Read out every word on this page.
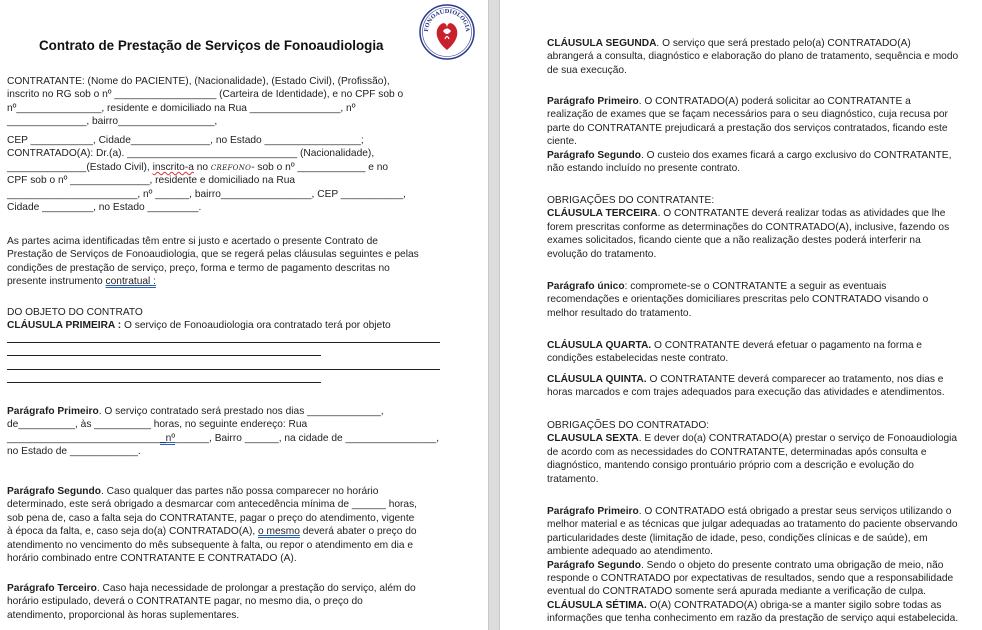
FONOAUDIOLOGIA
Contrato de Prestação de Serviços de Fonoaudiologia
CONTRATANTE: (Nome do PACIENTE), (Nacionalidade), (Estado Civil), (Profissão),
inscrito no RG sob o nº __________________ (Carteira de Identidade), e no CPF sob o
nº_______________, residente e domiciliado na Rua ________________, nº
______________, bairro_________________,
CEP ___________, Cidade______________, no Estado _________________;
CONTRATADO(A): Dr.(a). ______________________________ (Nacionalidade),
______________(Estado Civil), inscrito-a no CREFONO- sob o nº ____________ e no
CPF sob o nº ______________, residente e domiciliado na Rua
_______________________, nº ______, bairro________________, CEP ___________,
Cidade _________, no Estado _________.
As partes acima identificadas têm entre si justo e acertado o presente Contrato de
Prestação de Serviços de Fonoaudiologia, que se regerá pelas cláusulas seguintes e pelas
condições de prestação de serviço, preço, forma e termo de pagamento descritas no
presente instrumento contratual :
DO OBJETO DO CONTRATO
CLÁUSULA PRIMEIRA : O serviço de Fonoaudiologia ora contratado terá por objeto
Parágrafo Primeiro. O serviço contratado será prestado nos dias _____________,
de__________, às __________ horas, no seguinte endereço: Rua
____________________________nº______, Bairro ______, na cidade de ________________,
no Estado de ____________.
Parágrafo Segundo. Caso qualquer das partes não possa comparecer no horário
determinado, este será obrigado a desmarcar com antecedência mínima de ______ horas,
sob pena de, caso a falta seja do CONTRATANTE, pagar o preço do atendimento, vigente
à época da falta, e, caso seja do(a) CONTRATADO(A), o mesmo deverá abater o preço do
atendimento no vencimento do mês subsequente à falta, ou repor o atendimento em dia e
horário combinado entre CONTRATANTE E CONTRATADO (A).
Parágrafo Terceiro. Caso haja necessidade de prolongar a prestação do serviço, além do
horário estipulado, deverá o CONTRATANTE pagar, no mesmo dia, o preço do
atendimento, proporcional às horas suplementares.
CLÁUSULA SEGUNDA. O serviço que será prestado pelo(a) CONTRATADO(A)
abrangerá a consulta, diagnóstico e elaboração do plano de tratamento, sequência e modo
de sua execução.
Parágrafo Primeiro. O CONTRATADO(A) poderá solicitar ao CONTRATANTE a
realização de exames que se façam necessários para o seu diagnóstico, cuja recusa por
parte do CONTRATANTE prejudicará a prestação dos serviços contratados, ficando este
ciente.
Parágrafo Segundo. O custeio dos exames ficará a cargo exclusivo do CONTRATANTE,
não estando incluído no presente contrato.
OBRIGAÇÕES DO CONTRATANTE:
CLÁUSULA TERCEIRA. O CONTRATANTE deverá realizar todas as atividades que lhe
forem prescritas conforme as determinações do CONTRATADO(A), inclusive, fazendo os
exames solicitados, ficando ciente que a não realização destes poderá interferir na
evolução do tratamento.
Parágrafo único: compromete-se o CONTRATANTE a seguir as eventuais
recomendações e orientações domiciliares prescritas pelo CONTRATADO visando o
melhor resultado do tratamento.
CLÁUSULA QUARTA. O CONTRATANTE deverá efetuar o pagamento na forma e
condições estabelecidas neste contrato.
CLÁUSULA QUINTA. O CONTRATANTE deverá comparecer ao tratamento, nos dias e
horas marcados e com trajes adequados para execução das atividades e atendimentos.
OBRIGAÇÕES DO CONTRATADO:
CLAUSULA SEXTA. E dever do(a) CONTRATADO(A) prestar o serviço de Fonoaudiologia
de acordo com as necessidades do CONTRATANTE, determinadas após consulta e
diagnóstico, mantendo consigo prontuário próprio com a descrição e evolução do
tratamento.
Parágrafo Primeiro. O CONTRATADO está obrigado a prestar seus serviços utilizando o
melhor material e as técnicas que julgar adequadas ao tratamento do paciente observando
particularidades deste (limitação de idade, peso, condições clínicas e de saúde), em
ambiente adequado ao atendimento.
Parágrafo Segundo. Sendo o objeto do presente contrato uma obrigação de meio, não
responde o CONTRATADO por expectativas de resultados, sendo que a responsabilidade
eventual do CONTRATADO somente será apurada mediante a verificação de culpa.
CLÁUSULA SÉTIMA. O(A) CONTRATADO(A) obriga-se a manter sigilo sobre todas as
informações que tenha conhecimento em razão da prestação de serviço aqui estabelecida.
